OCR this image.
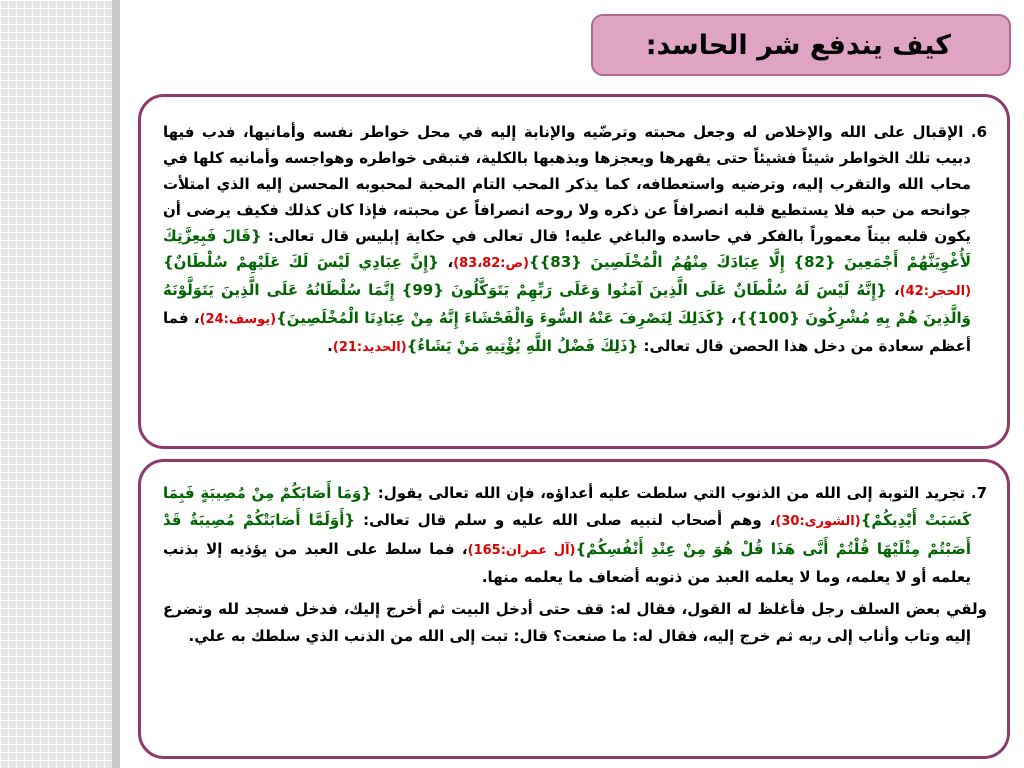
كيف يندفع شر الحاسد:

6. الإقبال على الله والإخلاص له وجعل محبته وترضّيه والإنابة إليه في محل خواطر نفسه وأمانيها، فدب فيها دبيب تلك الخواطر شيئاً فشيئاً حتى يقهرها ويعجزها ويذهبها بالكلية، فتبقى خواطره وهواجسه وأمانيه كلها في محاب الله والتقرب إليه، وترضيه واستعطافه، كما يذكر المحب التام المحبة لمحبوبه المحسن إليه الذي امتلأت جوانحه من حبه فلا يستطيع قلبه انصرافاً عن ذكره ولا روحه انصرافاً عن محبته، فإذا كان كذلك فكيف يرضى أن يكون قلبه بيتاً معموراً بالفكر في حاسده والباغي عليه! قال تعالى في حكاية إبليس قال تعالى: {قَالَ فَبِعِزَّتِكَ لَأُغْوِيَنَّهُمْ أَجْمَعِينَ {82} إِلَّا عِبَادَكَ مِنْهُمُ الْمُخْلَصِينَ {83}}(ص:83،82)، {إِنَّ عِبَادِي لَيْسَ لَكَ عَلَيْهِمْ سُلْطَانٌ}(الحجر:42)، {إِنَّهُ لَيْسَ لَهُ سُلْطَانٌ عَلَى الَّذِينَ آمَنُوا وَعَلَى رَبِّهِمْ يَتَوَكَّلُونَ {99} إِنَّمَا سُلْطَانُهُ عَلَى الَّذِينَ يَتَوَلَّوْنَهُ وَالَّذِينَ هُمْ بِهِ مُشْرِكُونَ {100}}، {كَذَلِكَ لِنَصْرِفَ عَنْهُ السُّوءَ وَالْفَحْشَاءَ إِنَّهُ مِنْ عِبَادِنَا الْمُخْلَصِينَ}(يوسف:24)، فما أعظم سعادة من دخل هذا الحصن قال تعالى: {ذَلِكَ فَضْلُ اللَّهِ يُؤْتِيهِ مَنْ يَشَاءُ}(الحديد:21).

7. تجريد التوبة إلى الله من الذنوب التي سلطت عليه أعداؤه، فإن الله تعالى يقول: {وَمَا أَصَابَكُمْ مِنْ مُصِيبَةٍ فَبِمَا كَسَبَتْ أَيْدِيكُمْ}(الشورى:30)، وهم أصحاب لنبيه صلى الله عليه و سلم قال تعالى: {أَوَلَمَّا أَصَابَتْكُمْ مُصِيبَةٌ قَدْ أَصَبْتُمْ مِثْلَيْهَا قُلْتُمْ أَنَّى هَذَا قُلْ هُوَ مِنْ عِنْدِ أَنْفُسِكُمْ}(آل عمران:165)، فما سلط على العبد من يؤذيه إلا بذنب يعلمه أو لا يعلمه، وما لا يعلمه العبد من ذنوبه أضعاف ما يعلمه منها.

ولقي بعض السلف رجل فأغلظ له القول، فقال له: قف حتى أدخل البيت ثم أخرج إليك، فدخل فسجد لله وتضرع إليه وتاب وأناب إلى ربه ثم خرج إليه، فقال له: ما صنعت؟ قال: تبت إلى الله من الذنب الذي سلطك به علي.
